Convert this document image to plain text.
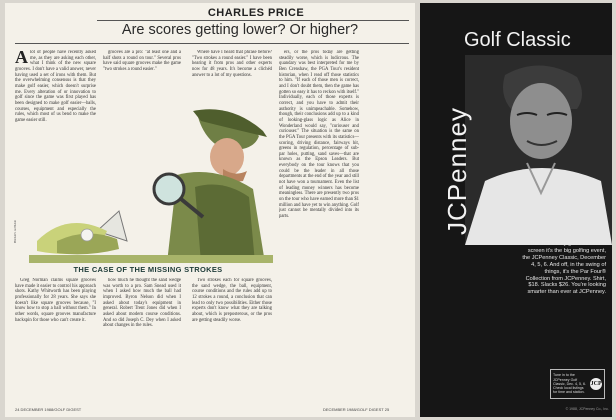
CHARLES PRICE
Are scores getting lower? Or higher?
A lot of people have recently asked me, as they are asking each other, what I think of the new square grooves. I don't have a valid answer, never having used a set of irons with them. But the overwhelming consensus is that they make golf easier, which doesn't surprise me. Every alteration of or innovation to golf since the game was first played has been designed to make golf easier—balls, courses, equipment and especially the rules, which most of us bend to make the game easier still.

grooves are a pro: "at least one and a half shots a round on tour." Several pros have said square grooves make the game "two strokes a round easier."

Where have I heard that phrase before? "Two strokes a round easier." I have been hearing it from pros and other experts now for 48 years. It's become a clichéd answer to a lot of my questions.

ers, or the pros today are getting steadily worse, which is ludicrous. The quandary was best interpreted for me by Ben Crenshaw, the PGA Tour's resident historian, when I read off those statistics to him. "If each of those men is correct, and I don't doubt them, then the game has gotten so easy it has to reckon with itself." Individually, each of those experts is correct, and you have to admit their authority is unimpeachable. Somehow, though, their conclusions add up to a kind of looking-glass logic as Alice in Wonderland would say, "curiouser and curiouser." The situation is the same on the PGA Tour presents with its statistics—scoring, driving distance, fairways hit, greens in regulation, percentage of sub-par holes, putting, sand saves—that are known as the Epson Leaders. But everybody on the tour knows that you could be the leader in all those departments at the end of the year and still not have won a tournament. Even the list of leading money winners has become meaningless. There are presently two pros on the tour who have earned more than $1 million and have yet to win anything. Golf just cannot be mentally divided into its parts.

BRIAN AJHAR
THE CASE OF THE MISSING STROKES

Greg Norman claims square grooves have made it easier to control his approach shots. Kathy Whitworth has been playing professionally for 28 years. She says she doesn't like square grooves because, "I know how to stop a ball without them." In other words, square grooves manufacture backspin for those who can't create it.

how much he thought the sand wedge was worth to a pro. Sam Snead used it when I asked how much the ball had improved. Byron Nelson did when I asked about today's equipment in general. Robert Trent Jones did when I asked about modern course conditions. And so did Joseph C. Dey when I asked about changes in the rules.

Two strokes each for square grooves, the sand wedge, the ball, equipment, course conditions and the rules add up to 12 strokes a round, a conclusion that can lead to only two possibilities. Either those experts don't know what they are talking about, which is preposterous, or the pros are getting steadily worse.

24 DECEMBER 1988/GOLF DIGEST	DECEMBER 1988/GOLF DIGEST 25
Golf Classic
JCPenney
The JCPenney golf classic. On screen it's the big golfing event, the JCPenney Classic, December 4, 5, 6. And off, in the swing of things, it's the Par Four® Collection from JCPenney. Shirt, $18. Slacks $26. You're looking smarter than ever at JCPenney.
Tune in to the JCPenney Golf Classic, Dec. 4, 5, 6. Check local listings for time and station.
JCP
© 1988, JCPenney Co., Inc.
